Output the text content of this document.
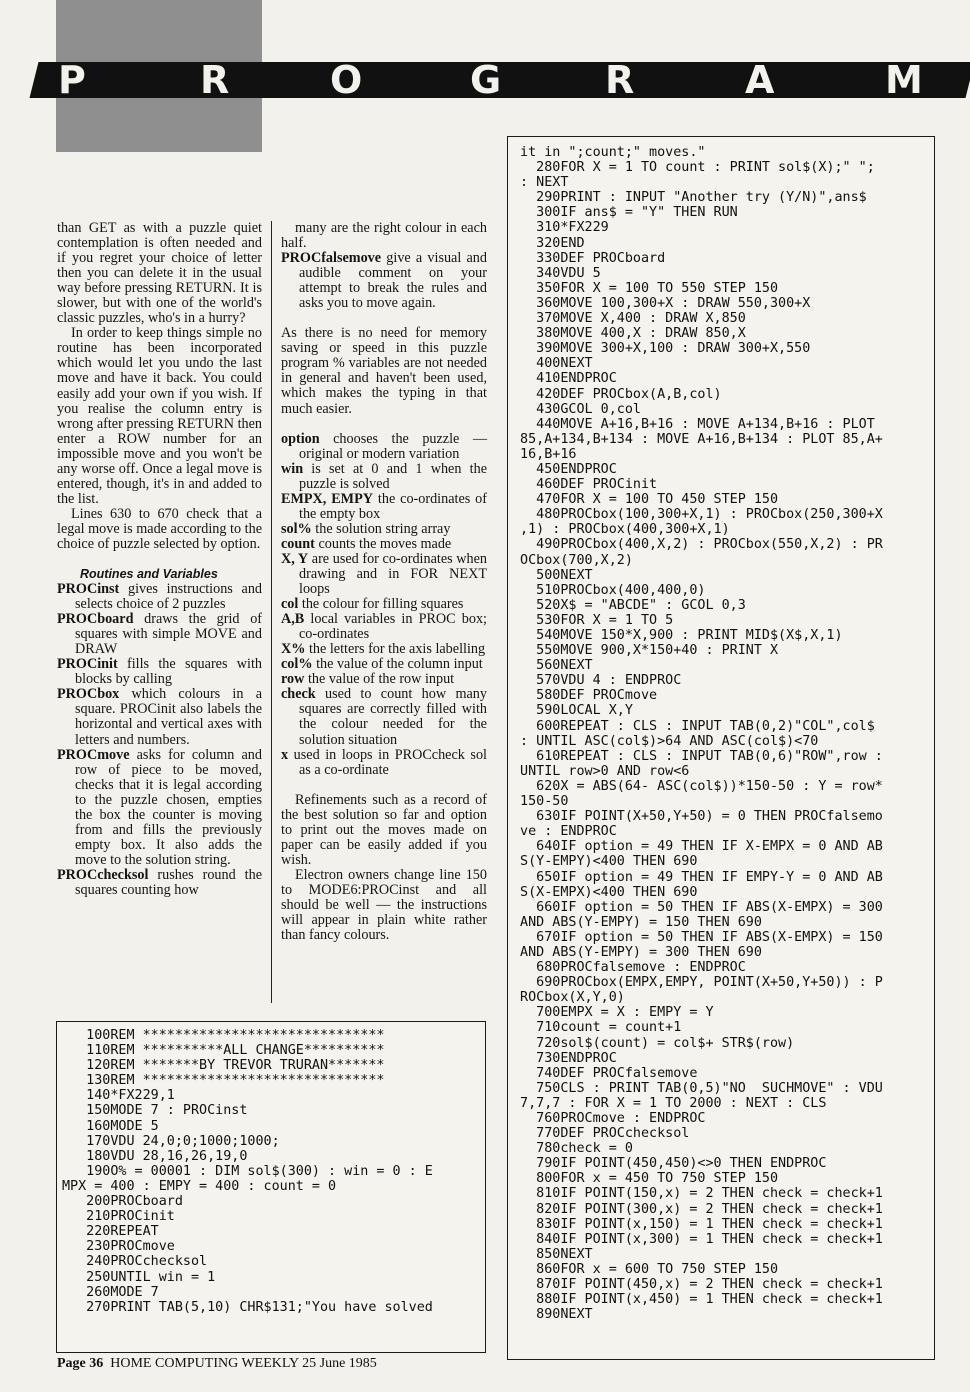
P	R	O	G	R	A	M

than GET as with a puzzle quiet contemplation is often needed and if you regret your choice of letter then you can delete it in the usual way before pressing RETURN. It is slower, but with one of the world's classic puzzles, who's in a hurry?

In order to keep things simple no routine has been incorporated which would let you undo the last move and have it back. You could easily add your own if you wish. If you realise the column entry is wrong after pressing RETURN then enter a ROW number for an impossible move and you won't be any worse off. Once a legal move is entered, though, it's in and added to the list.

Lines 630 to 670 check that a legal move is made according to the choice of puzzle selected by option.

Routines and Variables

PROCinst gives instructions and selects choice of 2 puzzles

PROCboard draws the grid of squares with simple MOVE and DRAW

PROCinit fills the squares with blocks by calling

PROCbox which colours in a square. PROCinit also labels the horizontal and vertical axes with letters and numbers.

PROCmove asks for column and row of piece to be moved, checks that it is legal according to the puzzle chosen, empties the box the counter is moving from and fills the previously empty box. It also adds the move to the solution string.

PROCchecksol rushes round the squares counting how

many are the right colour in each half.

PROCfalsemove give a visual and audible comment on your attempt to break the rules and asks you to move again.

As there is no need for memory saving or speed in this puzzle program % variables are not needed in general and haven't been used, which makes the typing in that much easier.

option chooses the puzzle — original or modern variation

win is set at 0 and 1 when the puzzle is solved

EMPX, EMPY the co-ordinates of the empty box

sol% the solution string array

count counts the moves made

X, Y are used for co-ordinates when drawing and in FOR NEXT loops

col the colour for filling squares

A,B local variables in PROC box; co-ordinates

X% the letters for the axis labelling

col% the value of the column input

row the value of the row input

check used to count how many squares are correctly filled with the colour needed for the solution situation

x used in loops in PROCcheck sol as a co-ordinate

Refinements such as a record of the best solution so far and option to print out the moves made on paper can be easily added if you wish.

Electron owners change line 150 to MODE6:PROCinst and all should be well — the instructions will appear in plain white rather than fancy colours.

100REM ******************************
110REM **********ALL CHANGE**********
120REM *******BY TREVOR TRURAN*******
130REM ******************************
140*FX229,1
150MODE 7 : PROCinst
160MODE 5
170VDU 24,0;0;1000;1000;
180VDU 28,16,26,19,0
190O% = 00001 : DIM sol$(300) : win = 0 : E
MPX = 400 : EMPY = 400 : count = 0
200PROCboard
210PROCinit
220REPEAT
230PROCmove
240PROCchecksol
250UNTIL win = 1
260MODE 7
270PRINT TAB(5,10) CHR$131;"You have solved
it in ";count;" moves."
280FOR X = 1 TO count : PRINT sol$(X);" ";
: NEXT
290PRINT : INPUT "Another try (Y/N)",ans$
300IF ans$ = "Y" THEN RUN
310*FX229
320END
330DEF PROCboard
340VDU 5
350FOR X = 100 TO 550 STEP 150
360MOVE 100,300+X : DRAW 550,300+X
370MOVE X,400 : DRAW X,850
380MOVE 400,X : DRAW 850,X
390MOVE 300+X,100 : DRAW 300+X,550
400NEXT
410ENDPROC
420DEF PROCbox(A,B,col)
430GCOL 0,col
440MOVE A+16,B+16 : MOVE A+134,B+16 : PLOT
85,A+134,B+134 : MOVE A+16,B+134 : PLOT 85,A+
16,B+16
450ENDPROC
460DEF PROCinit
470FOR X = 100 TO 450 STEP 150
480PROCbox(100,300+X,1) : PROCbox(250,300+X
,1) : PROCbox(400,300+X,1)
490PROCbox(400,X,2) : PROCbox(550,X,2) : PR
OCbox(700,X,2)
500NEXT
510PROCbox(400,400,0)
520X$ = "ABCDE" : GCOL 0,3
530FOR X = 1 TO 5
540MOVE 150*X,900 : PRINT MID$(X$,X,1)
550MOVE 900,X*150+40 : PRINT X
560NEXT
570VDU 4 : ENDPROC
580DEF PROCmove
590LOCAL X,Y
600REPEAT : CLS : INPUT TAB(0,2)"COL",col$
: UNTIL ASC(col$)>64 AND ASC(col$)<70
610REPEAT : CLS : INPUT TAB(0,6)"ROW",row :
UNTIL row>0 AND row<6
620X = ABS(64- ASC(col$))*150-50 : Y = row*
150-50
630IF POINT(X+50,Y+50) = 0 THEN PROCfalsemo
ve : ENDPROC
640IF option = 49 THEN IF X-EMPX = 0 AND AB
S(Y-EMPY)<400 THEN 690
650IF option = 49 THEN IF EMPY-Y = 0 AND AB
S(X-EMPX)<400 THEN 690
660IF option = 50 THEN IF ABS(X-EMPX) = 300
AND ABS(Y-EMPY) = 150 THEN 690
670IF option = 50 THEN IF ABS(X-EMPX) = 150
AND ABS(Y-EMPY) = 300 THEN 690
680PROCfalsemove : ENDPROC
690PROCbox(EMPX,EMPY, POINT(X+50,Y+50)) : P
ROCbox(X,Y,0)
700EMPX = X : EMPY = Y
710count = count+1
720sol$(count) = col$+ STR$(row)
730ENDPROC
740DEF PROCfalsemove
750CLS : PRINT TAB(0,5)"NO  SUCHMOVE" : VDU
7,7,7 : FOR X = 1 TO 2000 : NEXT : CLS
760PROCmove : ENDPROC
770DEF PROCchecksol
780check = 0
790IF POINT(450,450)<>0 THEN ENDPROC
800FOR x = 450 TO 750 STEP 150
810IF POINT(150,x) = 2 THEN check = check+1
820IF POINT(300,x) = 2 THEN check = check+1
830IF POINT(x,150) = 1 THEN check = check+1
840IF POINT(x,300) = 1 THEN check = check+1
850NEXT
860FOR x = 600 TO 750 STEP 150
870IF POINT(450,x) = 2 THEN check = check+1
880IF POINT(x,450) = 1 THEN check = check+1
890NEXT
Page 36 HOME COMPUTING WEEKLY 25 June 1985
